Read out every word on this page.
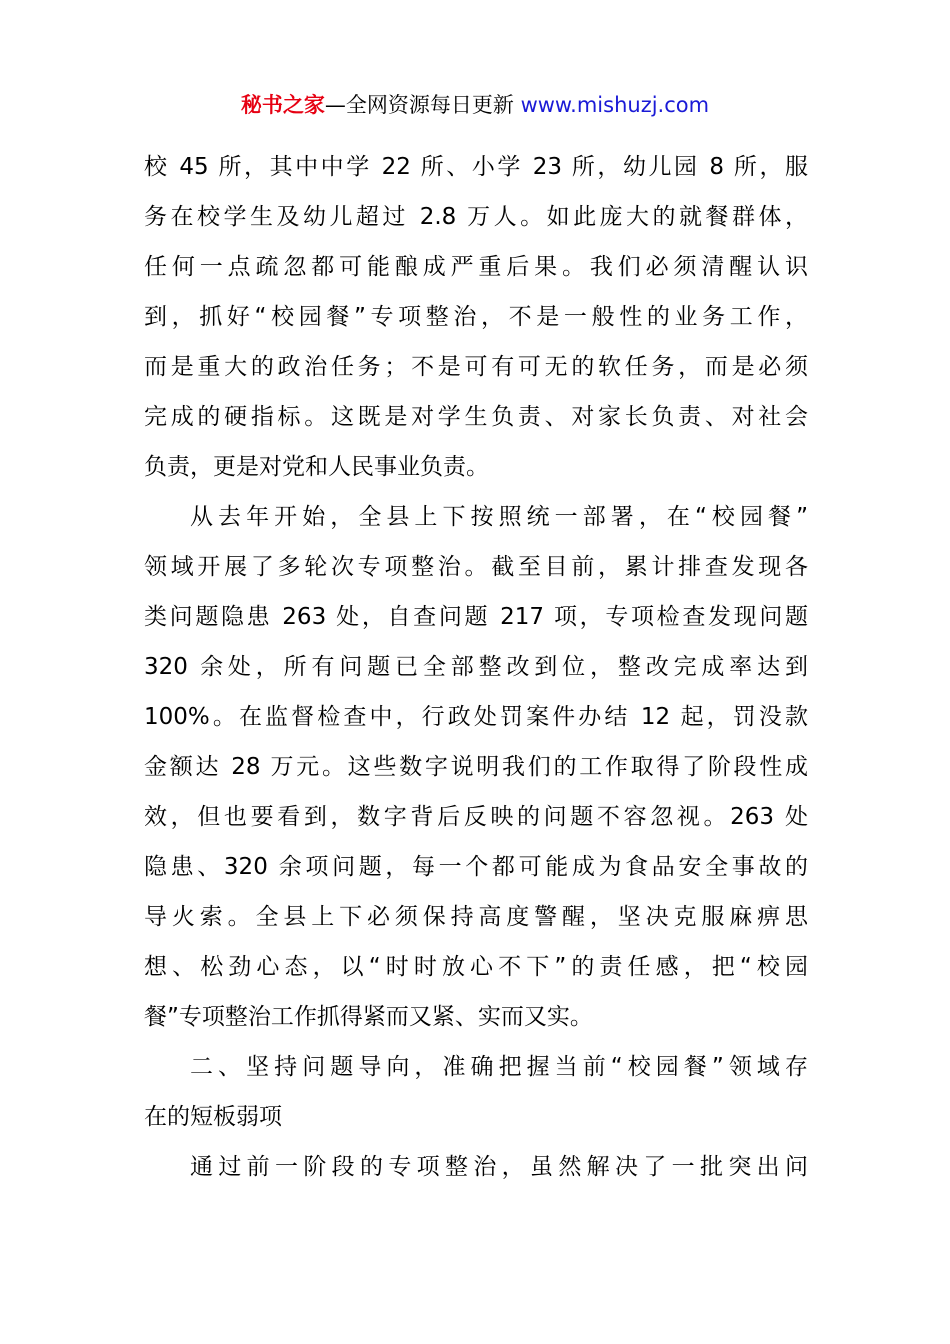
秘书之家—全网资源每日更新 www.mishuzj.com
校 45 所，其中中学 22 所、小学 23 所，幼儿园 8 所，服
务在校学生及幼儿超过 2.8 万人。如此庞大的就餐群体，
任何一点疏忽都可能酿成严重后果。我们必须清醒认识
到，抓好“校园餐”专项整治，不是一般性的业务工作，
而是重大的政治任务；不是可有可无的软任务，而是必须
完成的硬指标。这既是对学生负责、对家长负责、对社会
负责，更是对党和人民事业负责。
从去年开始，全县上下按照统一部署，在“校园餐”
领域开展了多轮次专项整治。截至目前，累计排查发现各
类问题隐患 263 处，自查问题 217 项，专项检查发现问题
320 余处，所有问题已全部整改到位，整改完成率达到
100%。在监督检查中，行政处罚案件办结 12 起，罚没款
金额达 28 万元。这些数字说明我们的工作取得了阶段性成
效，但也要看到，数字背后反映的问题不容忽视。263 处
隐患、320 余项问题，每一个都可能成为食品安全事故的
导火索。全县上下必须保持高度警醒，坚决克服麻痹思
想、松劲心态，以“时时放心不下”的责任感，把“校园
餐”专项整治工作抓得紧而又紧、实而又实。
二、坚持问题导向，准确把握当前“校园餐”领域存
在的短板弱项
通过前一阶段的专项整治，虽然解决了一批突出问
